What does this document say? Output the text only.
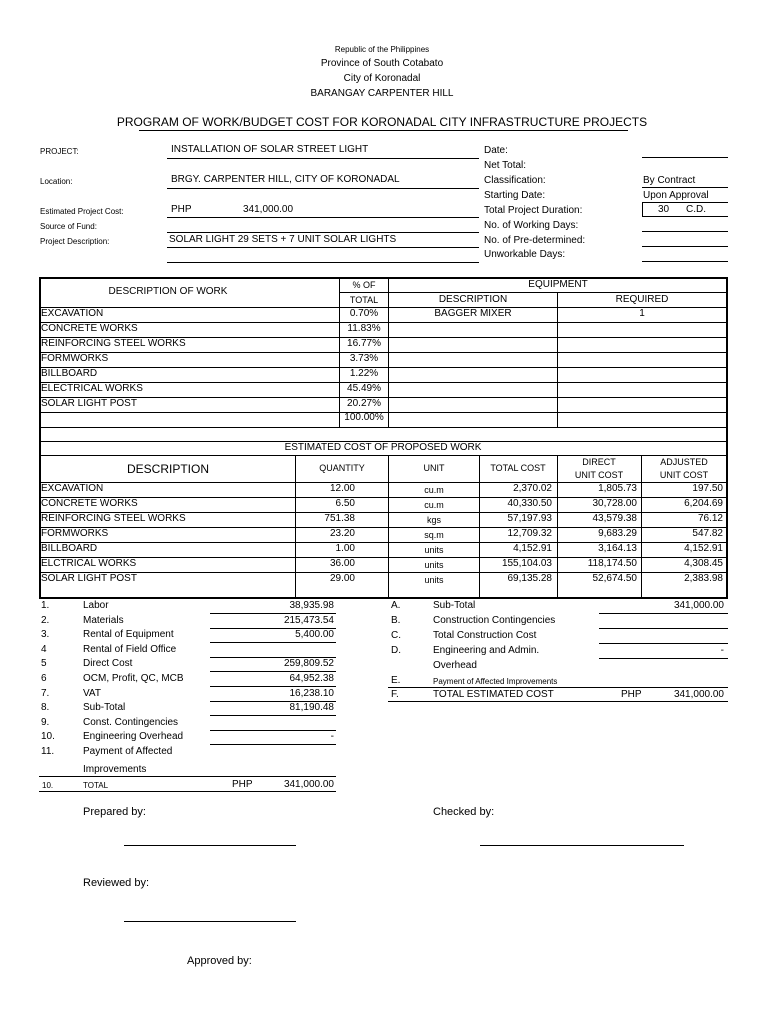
Republic of the Philippines
Province of South Cotabato
City of Koronadal
BARANGAY CARPENTER HILL
PROGRAM OF WORK/BUDGET COST FOR KORONADAL CITY INFRASTRUCTURE PROJECTS
PROJECT:	INSTALLATION OF SOLAR STREET LIGHT
Location:	BRGY. CARPENTER HILL, CITY OF KORONADAL
Estimated Project Cost:	PHP	341,000.00
Source of Fund:
Project Description:	SOLAR LIGHT 29 SETS + 7 UNIT SOLAR LIGHTS
Date:
Net Total:
Classification:	By Contract
Starting Date:	Upon Approval
Total Project Duration:	30 C.D.
No. of Working Days:
No. of Pre-determined:
Unworkable Days:
DESCRIPTION OF WORK
% OF
TOTAL
EQUIPMENT
DESCRIPTION	REQUIRED
EXCAVATION	0.70%	BAGGER MIXER	1
CONCRETE WORKS	11.83%
REINFORCING STEEL WORKS	16.77%
FORMWORKS	3.73%
BILLBOARD	1.22%
ELECTRICAL WORKS	45.49%
SOLAR LIGHT POST	20.27%
100.00%
ESTIMATED COST OF PROPOSED WORK
DESCRIPTION	QUANTITY	UNIT	TOTAL COST
DIRECT
UNIT COST
ADJUSTED
UNIT COST
EXCAVATION	12.00	cu.m	2,370.02	1,805.73	197.50
CONCRETE WORKS	6.50	cu.m	40,330.50	30,728.00	6,204.69
REINFORCING STEEL WORKS	751.38	kgs	57,197.93	43,579.38	76.12
FORMWORKS	23.20	sq.m	12,709.32	9,683.29	547.82
BILLBOARD	1.00	units	4,152.91	3,164.13	4,152.91
ELCTRICAL WORKS	36.00	units	155,104.03	118,174.50	4,308.45
SOLAR LIGHT POST	29.00	units	69,135.28	52,674.50	2,383.98
1.	Labor	38,935.98
2.	Materials	215,473.54
3.	Rental of Equipment	5,400.00
4	Rental of Field Office
5	Direct Cost	259,809.52
6	OCM, Profit, QC, MCB	64,952.38
7.	VAT	16,238.10
8.	Sub-Total	81,190.48
9.	Const. Contingencies
10.	Engineering Overhead	-
11.	Payment of Affected
Improvements
10.	TOTAL	PHP	341,000.00
A.	Sub-Total	341,000.00
B.	Construction Contingencies
C.	Total Construction Cost
D.	Engineering and Admin.	-
Overhead
E.	Payment of Affected Improvements
F.	TOTAL ESTIMATED COST	PHP	341,000.00
Prepared by:	Checked by:
Reviewed by:
Approved by:
